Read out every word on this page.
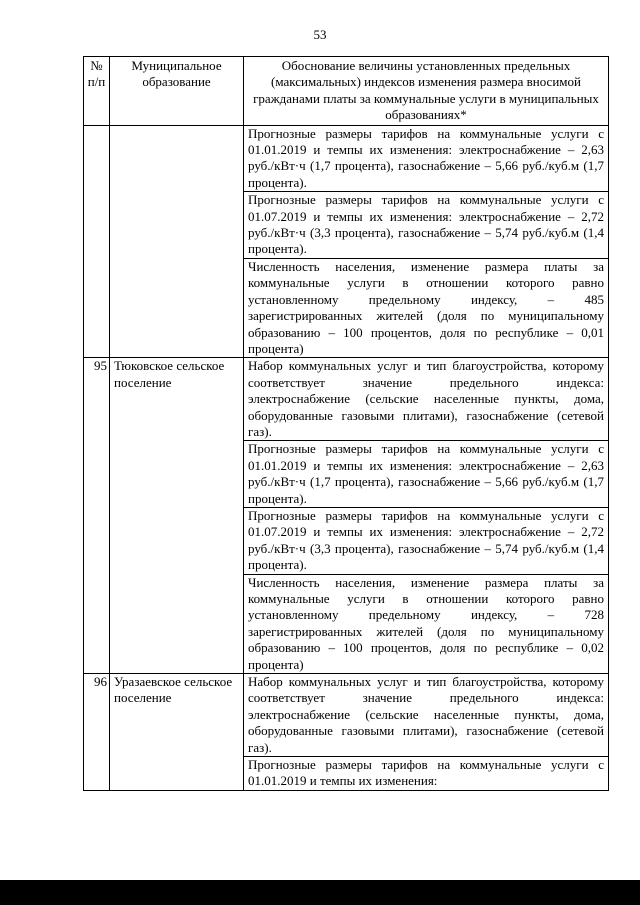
53
№ п/п	Муниципальное образование	Обоснование величины установленных предельных (максимальных) индексов изменения размера вносимой гражданами платы за коммунальные услуги в муниципальных образованиях*

		Прогнозные размеры тарифов на коммунальные услуги с 01.01.2019 и темпы их изменения: электроснабжение – 2,63 руб./кВт·ч (1,7 процента), газоснабжение – 5,66 руб./куб.м (1,7 процента).
Прогнозные размеры тарифов на коммунальные услуги с 01.07.2019 и темпы их изменения: электроснабжение – 2,72 руб./кВт·ч (3,3 процента), газоснабжение – 5,74 руб./куб.м (1,4 процента).
Численность населения, изменение размера платы за коммунальные услуги в отношении которого равно установленному предельному индексу, – 485 зарегистрированных жителей (доля по муниципальному образованию – 100 процентов, доля по республике – 0,01 процента)

95	Тюковское сельское поселение	Набор коммунальных услуг и тип благоустройства, которому соответствует значение предельного индекса: электроснабжение (сельские населенные пункты, дома, оборудованные газовыми плитами), газоснабжение (сетевой газ).
Прогнозные размеры тарифов на коммунальные услуги с 01.01.2019 и темпы их изменения: электроснабжение – 2,63 руб./кВт·ч (1,7 процента), газоснабжение – 5,66 руб./куб.м (1,7 процента).
Прогнозные размеры тарифов на коммунальные услуги с 01.07.2019 и темпы их изменения: электроснабжение – 2,72 руб./кВт·ч (3,3 процента), газоснабжение – 5,74 руб./куб.м (1,4 процента).
Численность населения, изменение размера платы за коммунальные услуги в отношении которого равно установленному предельному индексу, – 728 зарегистрированных жителей (доля по муниципальному образованию – 100 процентов, доля по республике – 0,02 процента)

96	Уразаевское сельское поселение	Набор коммунальных услуг и тип благоустройства, которому соответствует значение предельного индекса: электроснабжение (сельские населенные пункты, дома, оборудованные газовыми плитами), газоснабжение (сетевой газ).
Прогнозные размеры тарифов на коммунальные услуги с 01.01.2019 и темпы их изменения:
